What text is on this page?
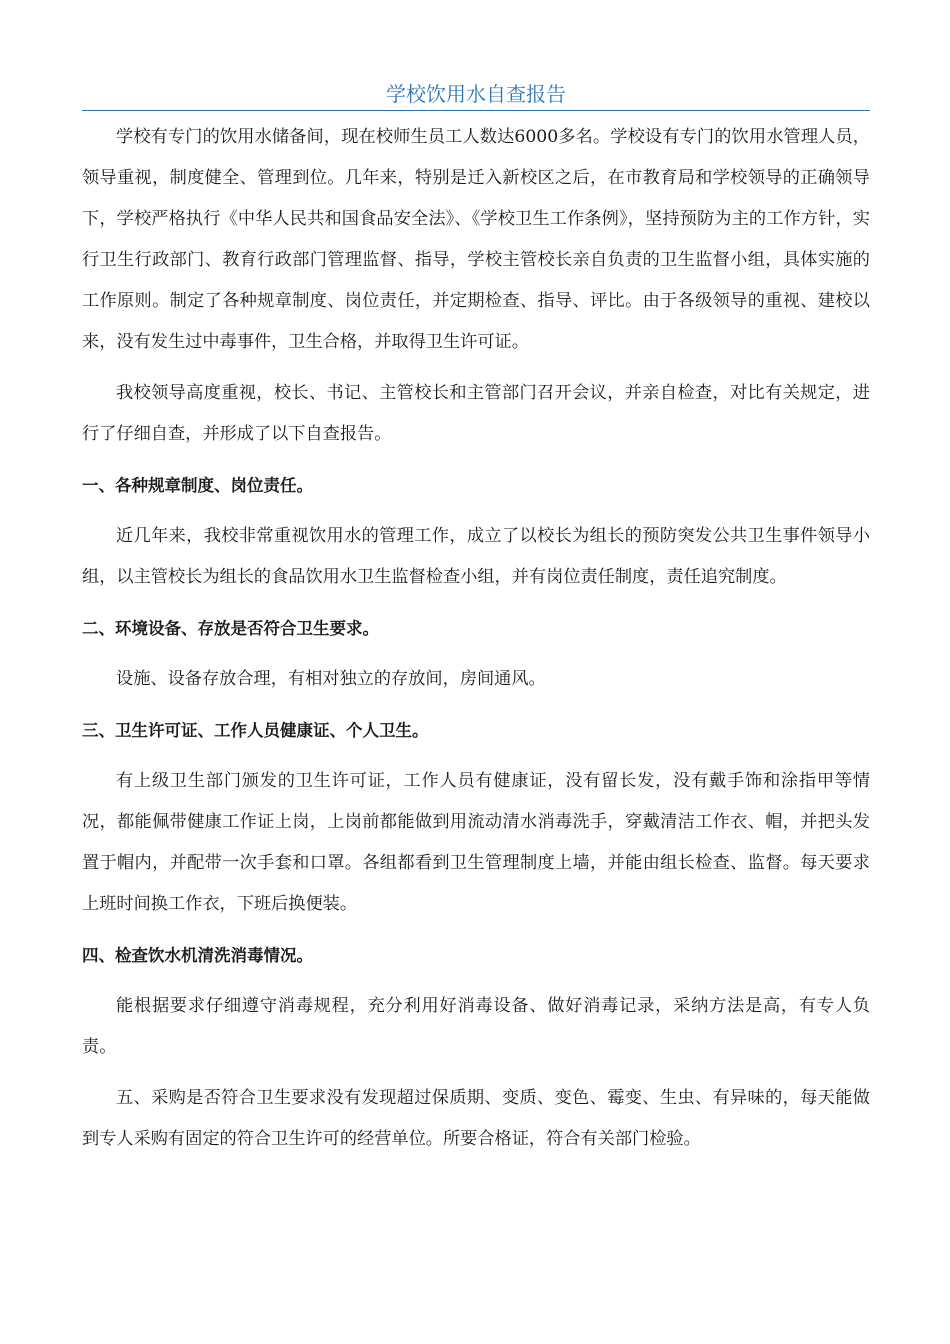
学校饮用水自查报告

学校有专门的饮用水储备间，现在校师生员工人数达6000多名。学校设有专门的饮用水管理人员，领导重视，制度健全、管理到位。几年来，特别是迁入新校区之后，在市教育局和学校领导的正确领导下，学校严格执行《中华人民共和国食品安全法》、《学校卫生工作条例》，坚持预防为主的工作方针，实行卫生行政部门、教育行政部门管理监督、指导，学校主管校长亲自负责的卫生监督小组，具体实施的工作原则。制定了各种规章制度、岗位责任，并定期检查、指导、评比。由于各级领导的重视、建校以来，没有发生过中毒事件，卫生合格，并取得卫生许可证。

我校领导高度重视，校长、书记、主管校长和主管部门召开会议，并亲自检查，对比有关规定，进行了仔细自查，并形成了以下自查报告。

一、各种规章制度、岗位责任。

近几年来，我校非常重视饮用水的管理工作，成立了以校长为组长的预防突发公共卫生事件领导小组，以主管校长为组长的食品饮用水卫生监督检查小组，并有岗位责任制度，责任追究制度。

二、环境设备、存放是否符合卫生要求。

设施、设备存放合理，有相对独立的存放间，房间通风。

三、卫生许可证、工作人员健康证、个人卫生。

有上级卫生部门颁发的卫生许可证，工作人员有健康证，没有留长发，没有戴手饰和涂指甲等情况，都能佩带健康工作证上岗，上岗前都能做到用流动清水消毒洗手，穿戴清洁工作衣、帽，并把头发置于帽内，并配带一次手套和口罩。各组都看到卫生管理制度上墙，并能由组长检查、监督。每天要求上班时间换工作衣，下班后换便装。

四、检查饮水机清洗消毒情况。

能根据要求仔细遵守消毒规程，充分利用好消毒设备、做好消毒记录，采纳方法是高，有专人负责。

五、采购是否符合卫生要求没有发现超过保质期、变质、变色、霉变、生虫、有异味的，每天能做到专人采购有固定的符合卫生许可的经营单位。所要合格证，符合有关部门检验。
